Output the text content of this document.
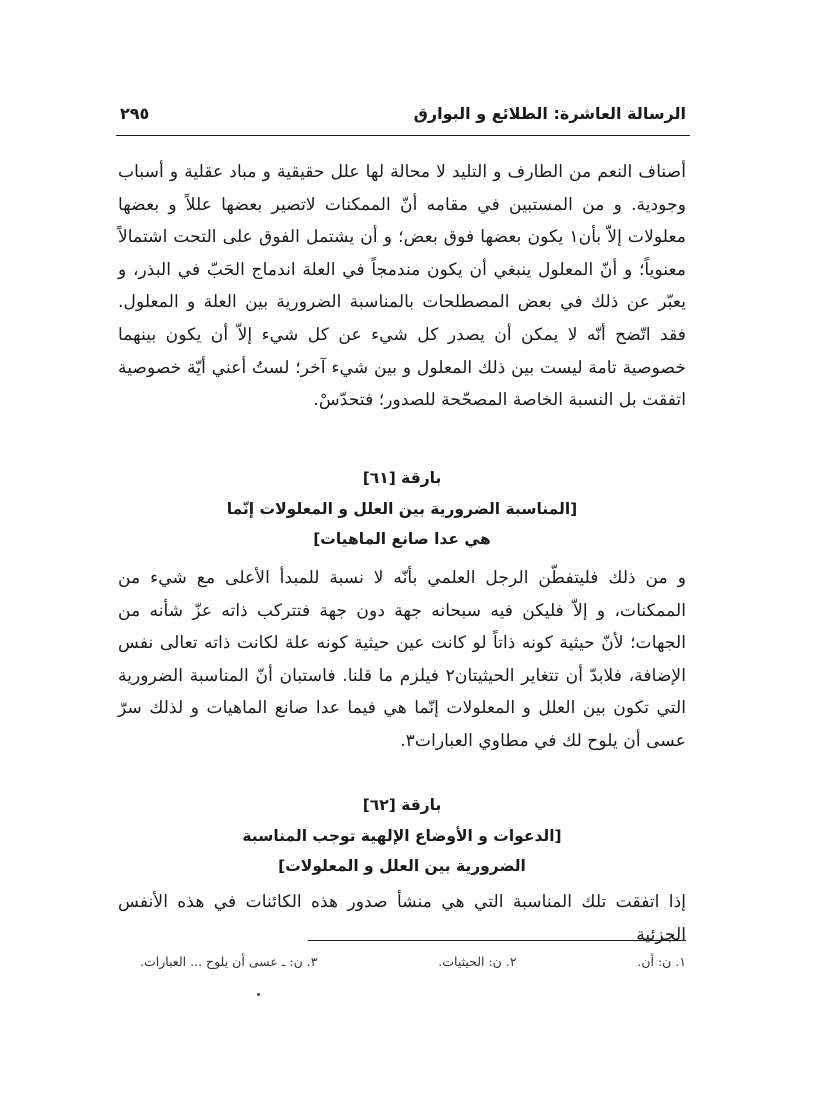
الرسالة العاشرة: الطلائع و البوارق
٢٩٥

أصناف النعم من الطارف و التليد لا محالة لها علل حقيقية و مباد عقلية و أسباب وجودية. و من المستبين في مقامه أنّ الممكنات لاتصير بعضها عللاً و بعضها معلولات إلاّ بأن١ يكون بعضها فوق بعض؛ و أن يشتمل الفوق على التحت اشتمالاً معنوياً؛ و أنّ المعلول ينبغي أن يكون مندمجاً في العلة اندماج الحَبّ في البذر، و يعبّر عن ذلك في بعض المصطلحات بالمناسبة الضرورية بين العلة و المعلول. فقد اتّضح أنّه لا يمكن أن يصدر كل شيء عن كل شيء إلاّ أن يكون بينهما خصوصية تامة ليست بين ذلك المعلول و بين شيء آخر؛ لستُ أعني أيّة خصوصية اتفقت بل النسبة الخاصة المصحّحة للصدور؛ فتحدّسْ.

بارقة [٦١]
[المناسبة الضرورية بين العلل و المعلولات إنّما
هي عدا صانع الماهيات]

و من ذلك فليتفطّن الرجل العلمي بأنّه لا نسبة للمبدأ الأعلى مع شيء من الممكنات، و إلاّ فليكن فيه سبحانه جهة دون جهة فتتركب ذاته عزّ شأنه من الجهات؛ لأنّ حيثية كونه ذاتاً لو كانت عين حيثية كونه علة لكانت ذاته تعالى نفس الإضافة، فلابدّ أن تتغاير الحيثيتان٢ فيلزم ما قلنا. فاستبان أنّ المناسبة الضرورية التي تكون بين العلل و المعلولات إنّما هي فيما عدا صانع الماهيات و لذلك سرّ عسى أن يلوح لك في مطاوي العبارات٣.

بارقة [٦٢]
[الدعوات و الأوضاع الإلهية توجب المناسبة
الضرورية بين العلل و المعلولات]

إذا اتفقت تلك المناسبة التي هي منشأ صدور هذه الكائنات في هذه الأنفس الجزئية

١. ن: أن.
٢. ن: الحيثيات.
٣. ن: ـ عسى أن يلوح ... العبارات.
